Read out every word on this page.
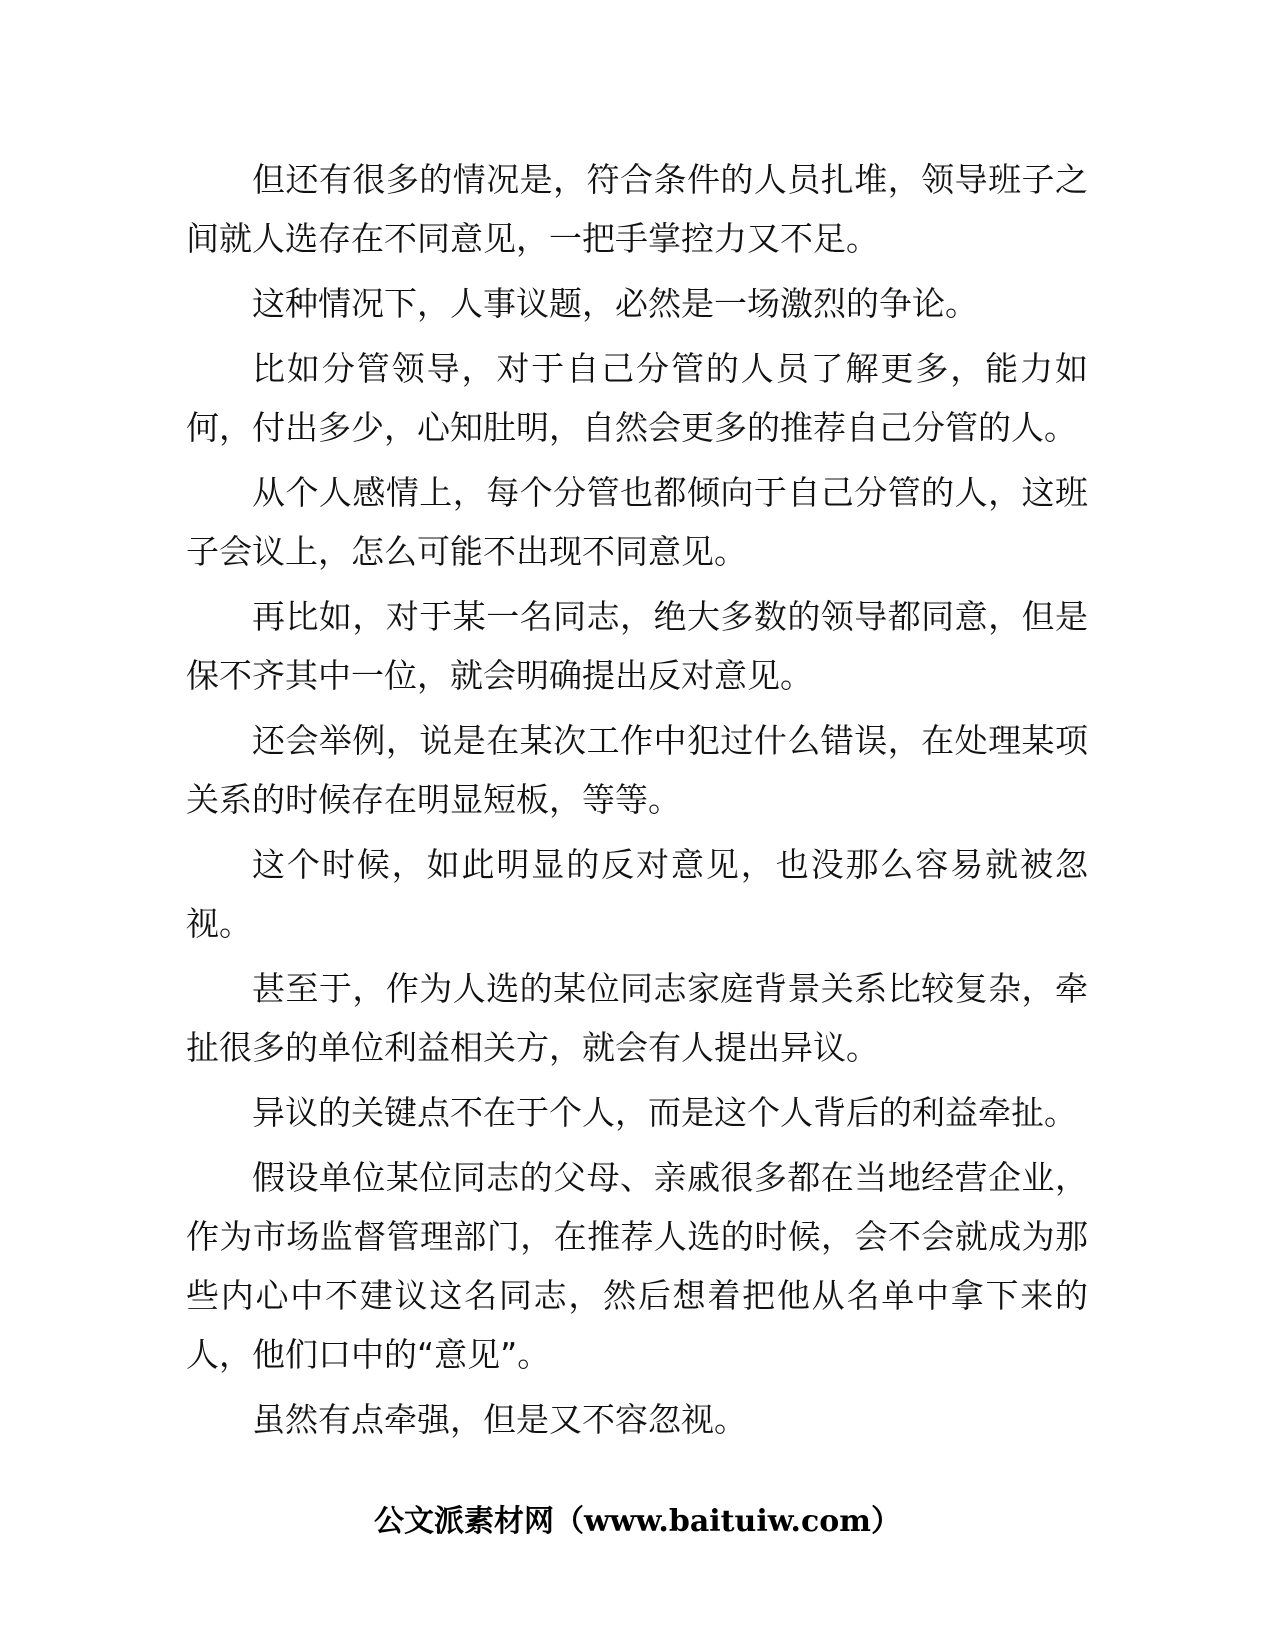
但还有很多的情况是，符合条件的人员扎堆，领导班子之间就人选存在不同意见，一把手掌控力又不足。

这种情况下，人事议题，必然是一场激烈的争论。

比如分管领导，对于自己分管的人员了解更多，能力如何，付出多少，心知肚明，自然会更多的推荐自己分管的人。

从个人感情上，每个分管也都倾向于自己分管的人，这班子会议上，怎么可能不出现不同意见。

再比如，对于某一名同志，绝大多数的领导都同意，但是保不齐其中一位，就会明确提出反对意见。

还会举例，说是在某次工作中犯过什么错误，在处理某项关系的时候存在明显短板，等等。

这个时候，如此明显的反对意见，也没那么容易就被忽视。

甚至于，作为人选的某位同志家庭背景关系比较复杂，牵扯很多的单位利益相关方，就会有人提出异议。

异议的关键点不在于个人，而是这个人背后的利益牵扯。

假设单位某位同志的父母、亲戚很多都在当地经营企业，作为市场监督管理部门，在推荐人选的时候，会不会就成为那些内心中不建议这名同志，然后想着把他从名单中拿下来的人，他们口中的“意见”。

虽然有点牵强，但是又不容忽视。

公文派素材网（www.baituiw.com）
